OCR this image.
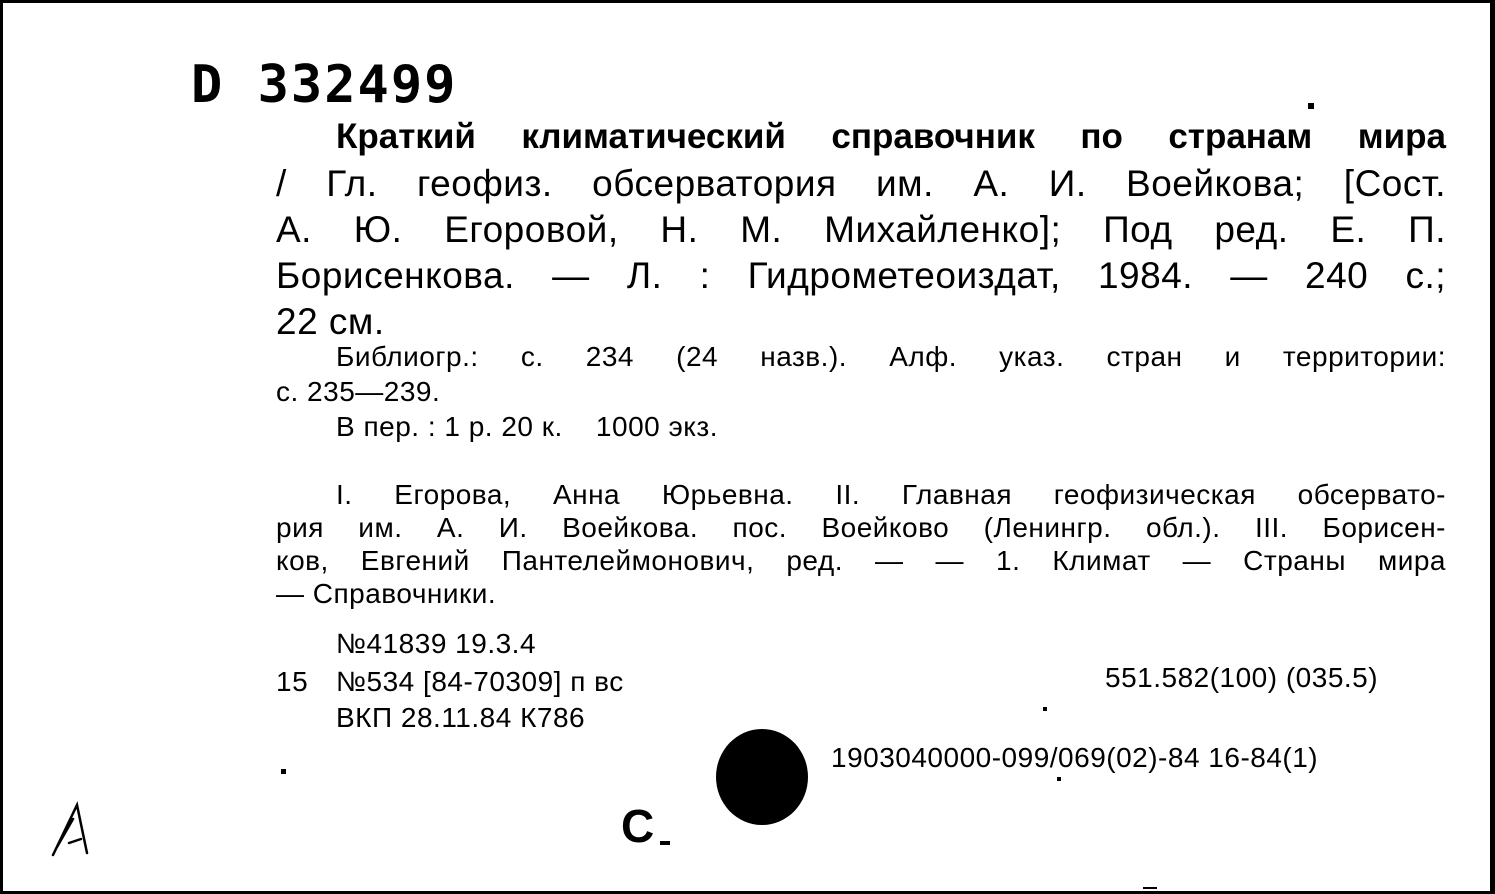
D 332499
Краткий климатический справочник по странам мира
/ Гл. геофиз. обсерватория им. А. И. Воейкова; [Сост.
А. Ю. Егоровой, Н. М. Михайленко]; Под ред. Е. П.
Борисенкова. — Л. : Гидрометеоиздат, 1984. — 240 с.;
22 см.
Библиогр.: с. 234 (24 назв.). Алф. указ. стран и территории:
с. 235—239.
В пер. : 1 р. 20 к.    1000 экз.
I. Егорова, Анна Юрьевна. II. Главная геофизическая обсервато-
рия им. А. И. Воейкова. пос. Воейково (Ленингр. обл.). III. Борисен-
ков, Евгений Пантелеймонович, ред. — — 1. Климат — Страны мира
— Справочники.
№41839 19.3.4
15 №534 [84-70309] п вс
ВКП 28.11.84 К786
551.582(100) (035.5)
1903040000-099/069(02)-84 16-84(1)
С
